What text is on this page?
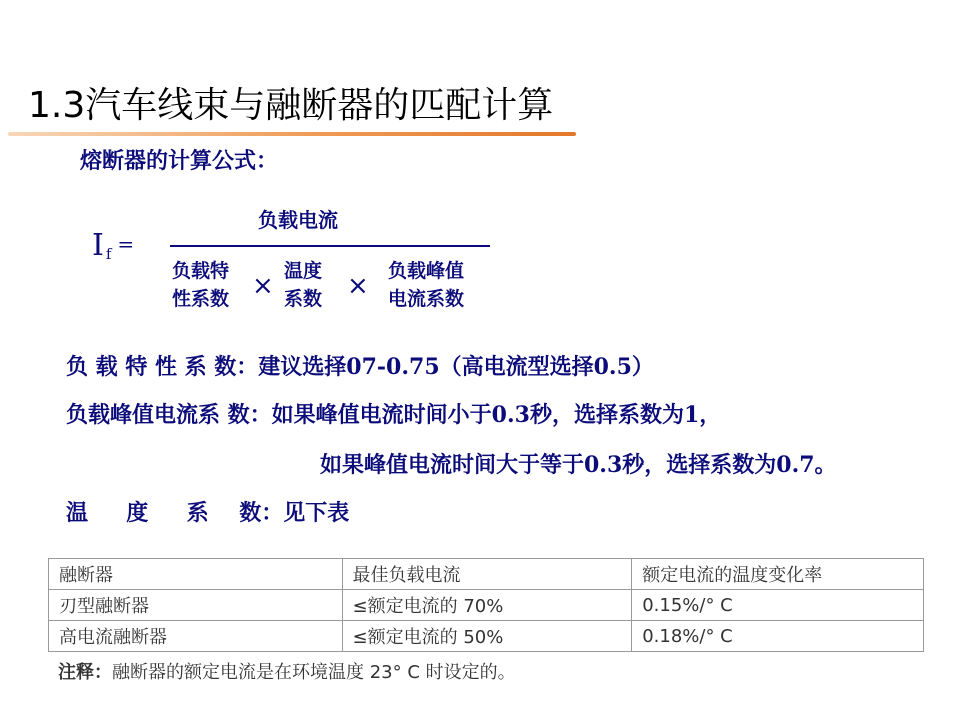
1.3汽车线束与融断器的匹配计算
熔断器的计算公式：
If =
负载电流
负载特
性系数 × 温度
系数 × 负载峰值
电流系数
负 载 特 性 系 数：建议选择07-0.75（高电流型选择0.5）
负载峰值电流系 数：如果峰值电流时间小于0.3秒，选择系数为1，
如果峰值电流时间大于等于0.3秒，选择系数为0.7。
温     度     系    数：见下表
融断器	最佳负载电流	额定电流的温度变化率
刃型融断器	≤额定电流的 70%	0.15%/° C
高电流融断器	≤额定电流的 50%	0.18%/° C
注释：融断器的额定电流是在环境温度 23° C 时设定的。
